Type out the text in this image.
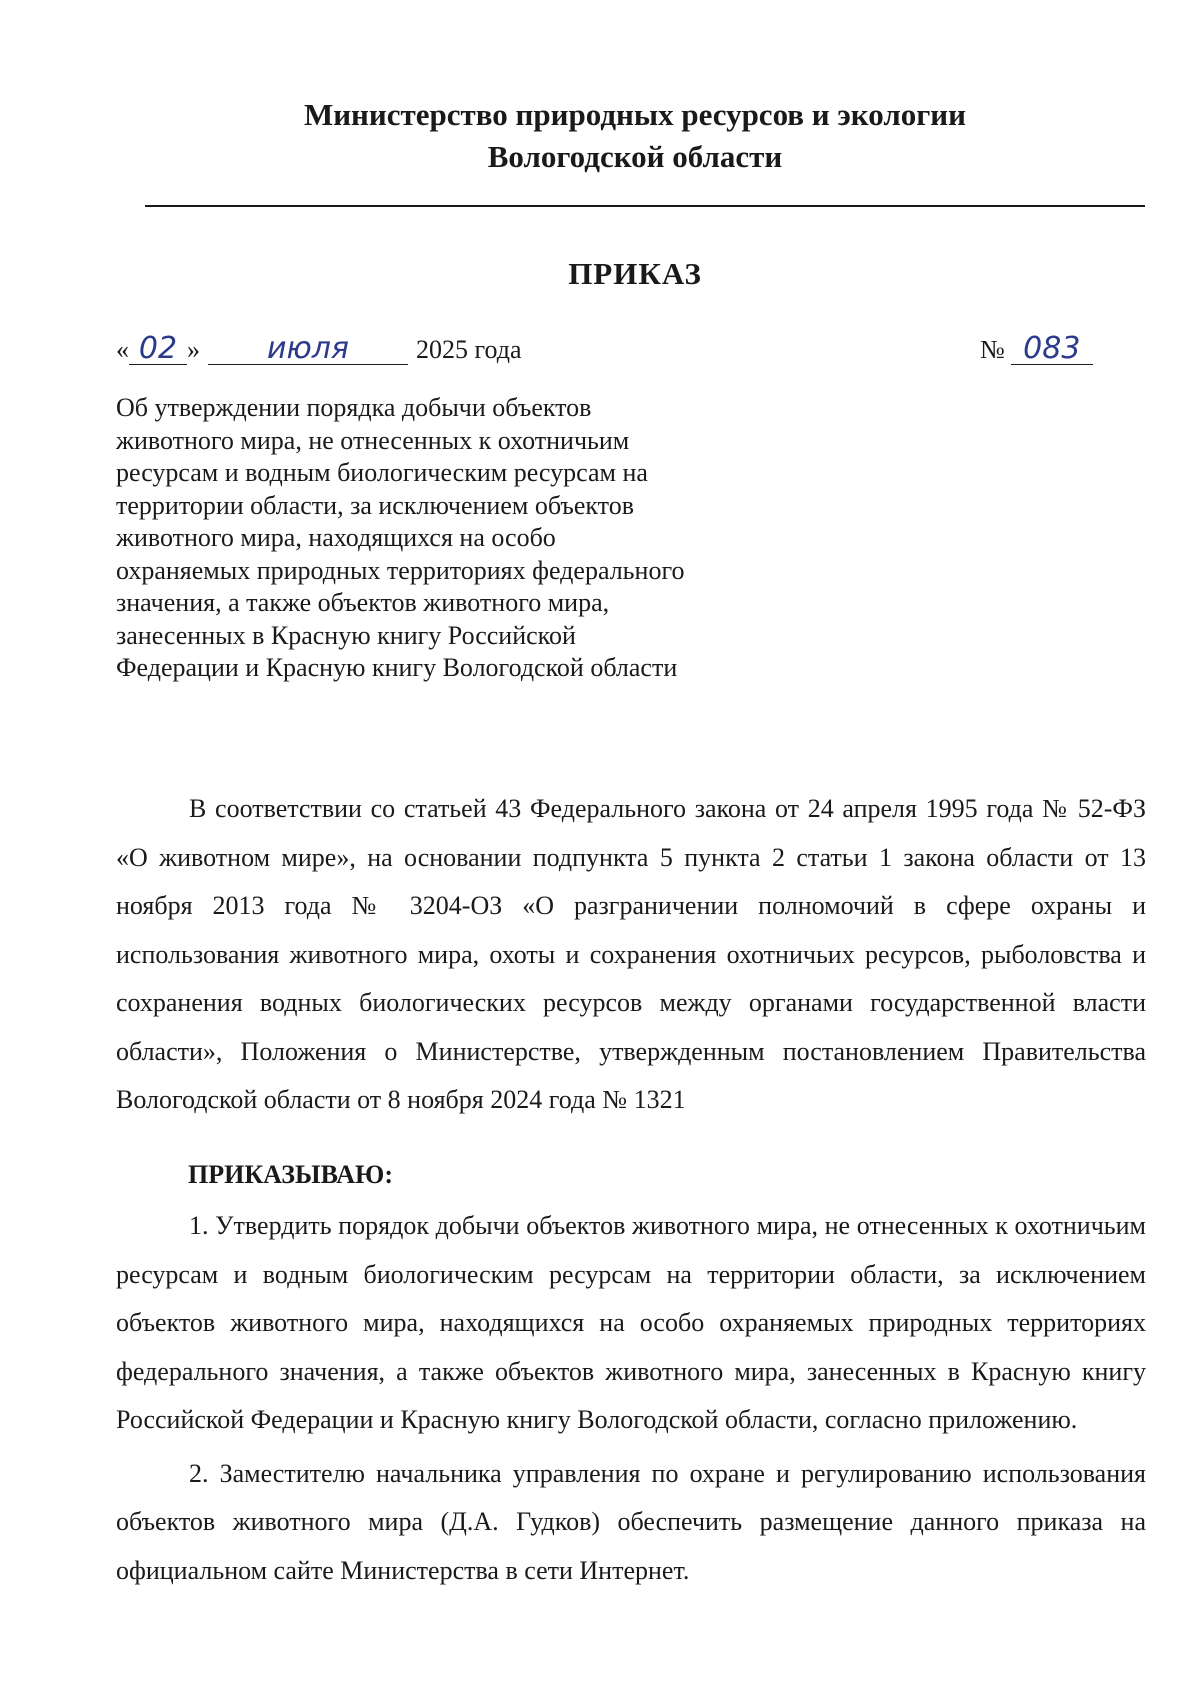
Министерство природных ресурсов и экологии
Вологодской области
ПРИКАЗ
« 02 » июля	2025 года	№ 083
Об утверждении порядка добычи объектов
животного мира, не отнесенных к охотничьим
ресурсам и водным биологическим ресурсам на
территории области, за исключением объектов
животного мира, находящихся на особо
охраняемых природных территориях федерального
значения, а также объектов животного мира,
занесенных в Красную книгу Российской
Федерации и Красную книгу Вологодской области
В соответствии со статьей 43 Федерального закона от 24 апреля 1995 года № 52-ФЗ «О животном мире», на основании подпункта 5 пункта 2 статьи 1 закона области от 13 ноября 2013 года № 3204-ОЗ «О разграничении полномочий в сфере охраны и использования животного мира, охоты и сохранения охотничьих ресурсов, рыболовства и сохранения водных биологических ресурсов между органами государственной власти области», Положения о Министерстве, утвержденным постановлением Правительства Вологодской области от 8 ноября 2024 года № 1321
ПРИКАЗЫВАЮ:

1. Утвердить порядок добычи объектов животного мира, не отнесенных к охотничьим ресурсам и водным биологическим ресурсам на территории области, за исключением объектов животного мира, находящихся на особо охраняемых природных территориях федерального значения, а также объектов животного мира, занесенных в Красную книгу Российской Федерации и Красную книгу Вологодской области, согласно приложению.

2. Заместителю начальника управления по охране и регулированию использования объектов животного мира (Д.А. Гудков) обеспечить размещение данного приказа на официальном сайте Министерства в сети Интернет.
